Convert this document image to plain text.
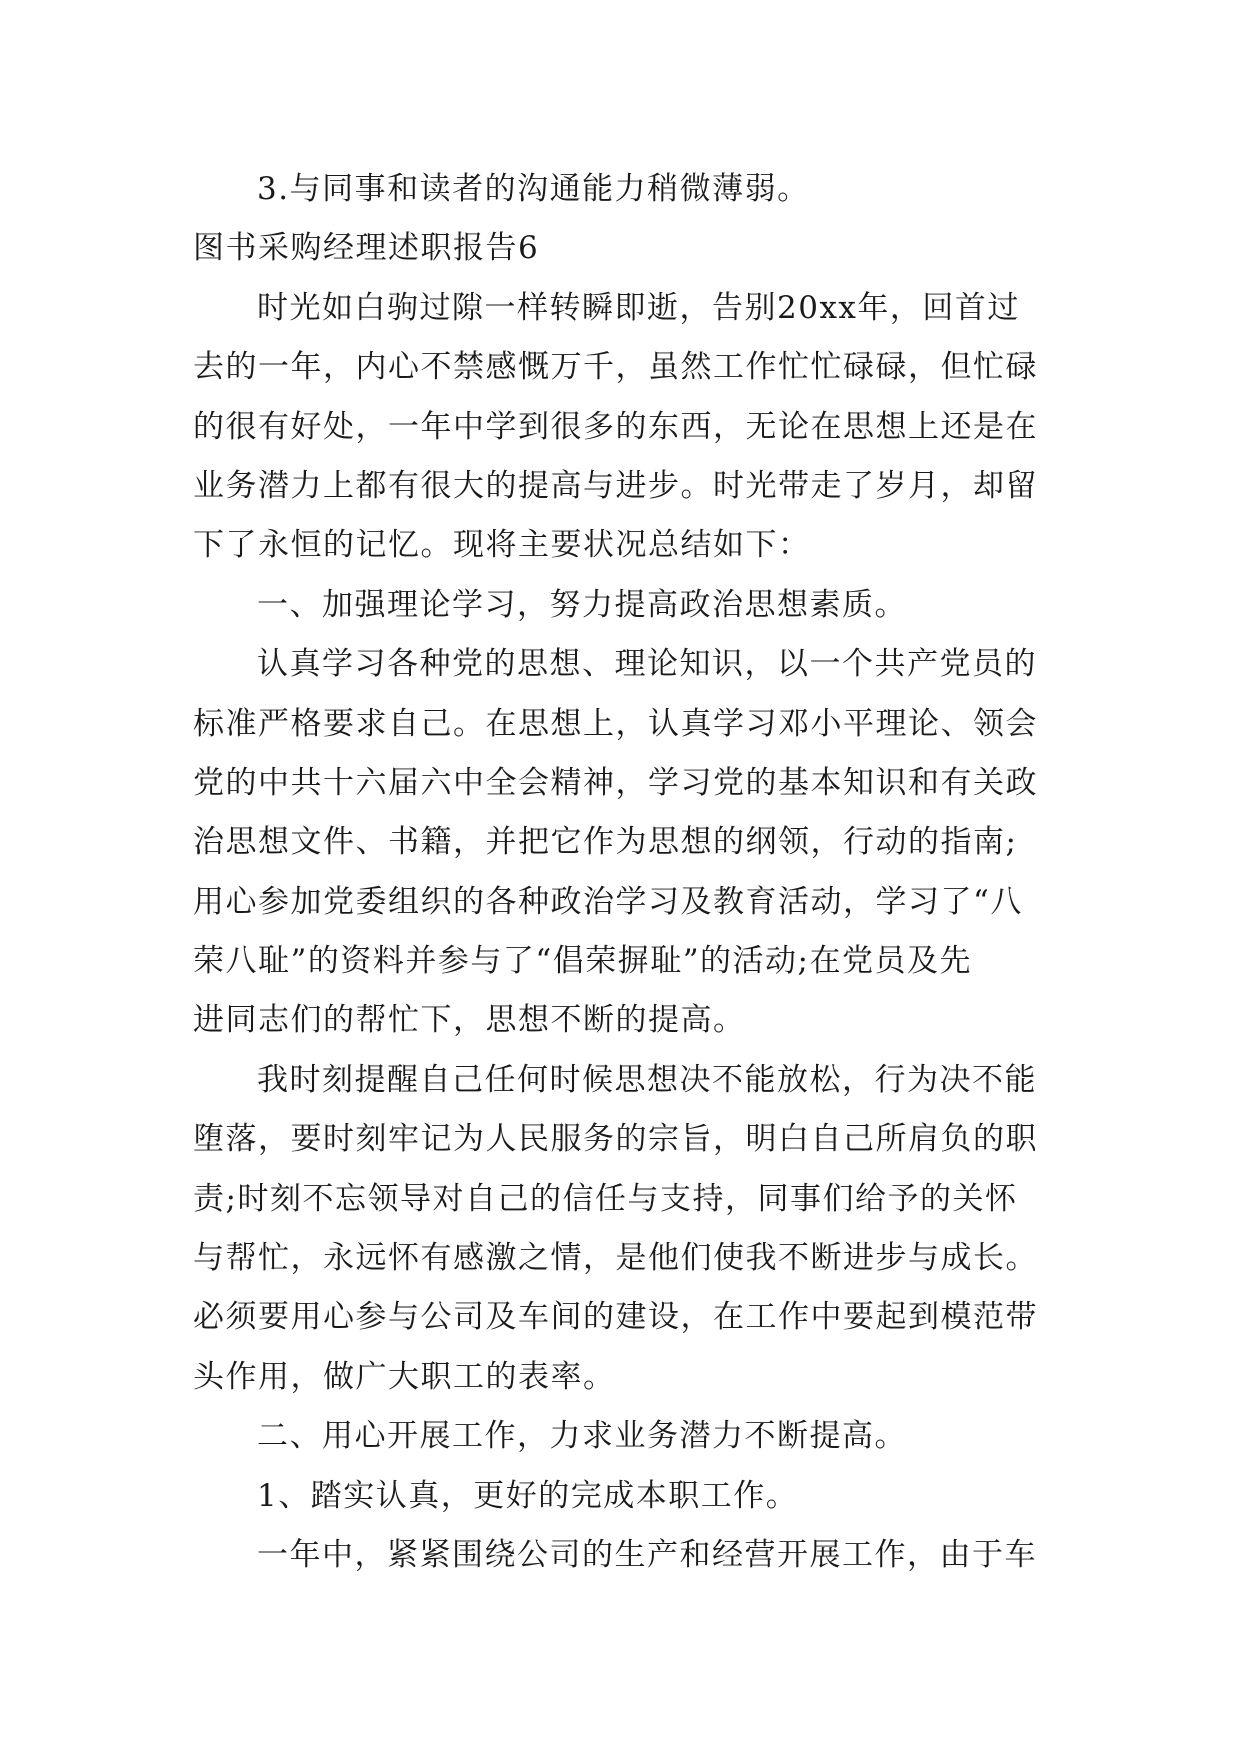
3.与同事和读者的沟通能力稍微薄弱。
图书采购经理述职报告6
时光如白驹过隙一样转瞬即逝，告别20xx年，回首过
去的一年，内心不禁感慨万千，虽然工作忙忙碌碌，但忙碌
的很有好处，一年中学到很多的东西，无论在思想上还是在
业务潜力上都有很大的提高与进步。时光带走了岁月，却留
下了永恒的记忆。现将主要状况总结如下：
一、加强理论学习，努力提高政治思想素质。
认真学习各种党的思想、理论知识，以一个共产党员的
标准严格要求自己。在思想上，认真学习邓小平理论、领会
党的中共十六届六中全会精神，学习党的基本知识和有关政
治思想文件、书籍，并把它作为思想的纲领，行动的指南;
用心参加党委组织的各种政治学习及教育活动，学习了“八
荣八耻”的资料并参与了“倡荣摒耻”的活动;在党员及先
进同志们的帮忙下，思想不断的提高。
我时刻提醒自己任何时候思想决不能放松，行为决不能
堕落，要时刻牢记为人民服务的宗旨，明白自己所肩负的职
责;时刻不忘领导对自己的信任与支持，同事们给予的关怀
与帮忙，永远怀有感激之情，是他们使我不断进步与成长。
必须要用心参与公司及车间的建设，在工作中要起到模范带
头作用，做广大职工的表率。
二、用心开展工作，力求业务潜力不断提高。
1、踏实认真，更好的完成本职工作。
一年中，紧紧围绕公司的生产和经营开展工作，由于车
